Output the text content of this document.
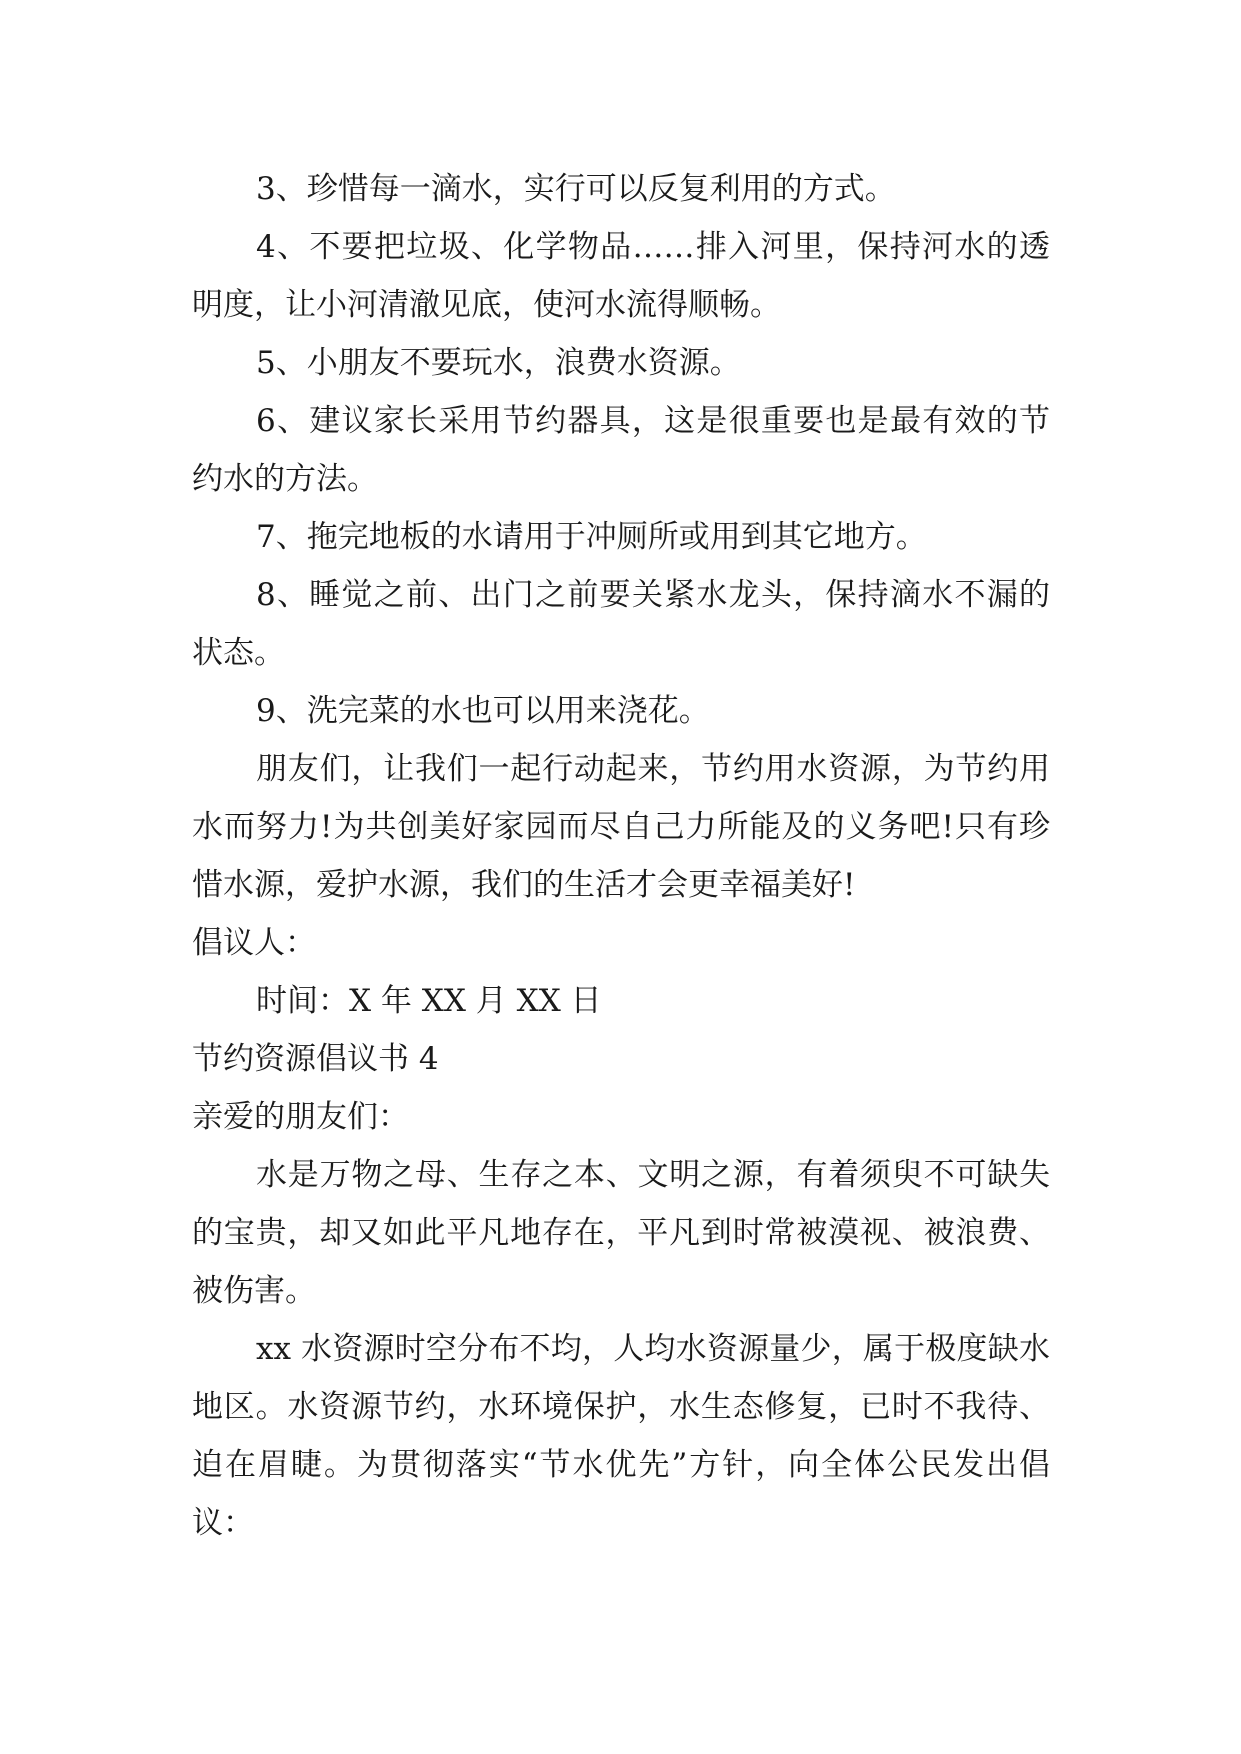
3、珍惜每一滴水，实行可以反复利用的方式。

4、不要把垃圾、化学物品……排入河里，保持河水的透明度，让小河清澈见底，使河水流得顺畅。

5、小朋友不要玩水，浪费水资源。

6、建议家长采用节约器具，这是很重要也是最有效的节约水的方法。

7、拖完地板的水请用于冲厕所或用到其它地方。

8、睡觉之前、出门之前要关紧水龙头，保持滴水不漏的状态。

9、洗完菜的水也可以用来浇花。

朋友们，让我们一起行动起来，节约用水资源，为节约用水而努力!为共创美好家园而尽自己力所能及的义务吧!只有珍惜水源，爱护水源，我们的生活才会更幸福美好!

倡议人：

时间：X 年 XX 月 XX 日

节约资源倡议书 4

亲爱的朋友们：

水是万物之母、生存之本、文明之源，有着须臾不可缺失的宝贵，却又如此平凡地存在，平凡到时常被漠视、被浪费、被伤害。

xx 水资源时空分布不均，人均水资源量少，属于极度缺水地区。水资源节约，水环境保护，水生态修复，已时不我待、迫在眉睫。为贯彻落实“节水优先”方针，向全体公民发出倡议：
